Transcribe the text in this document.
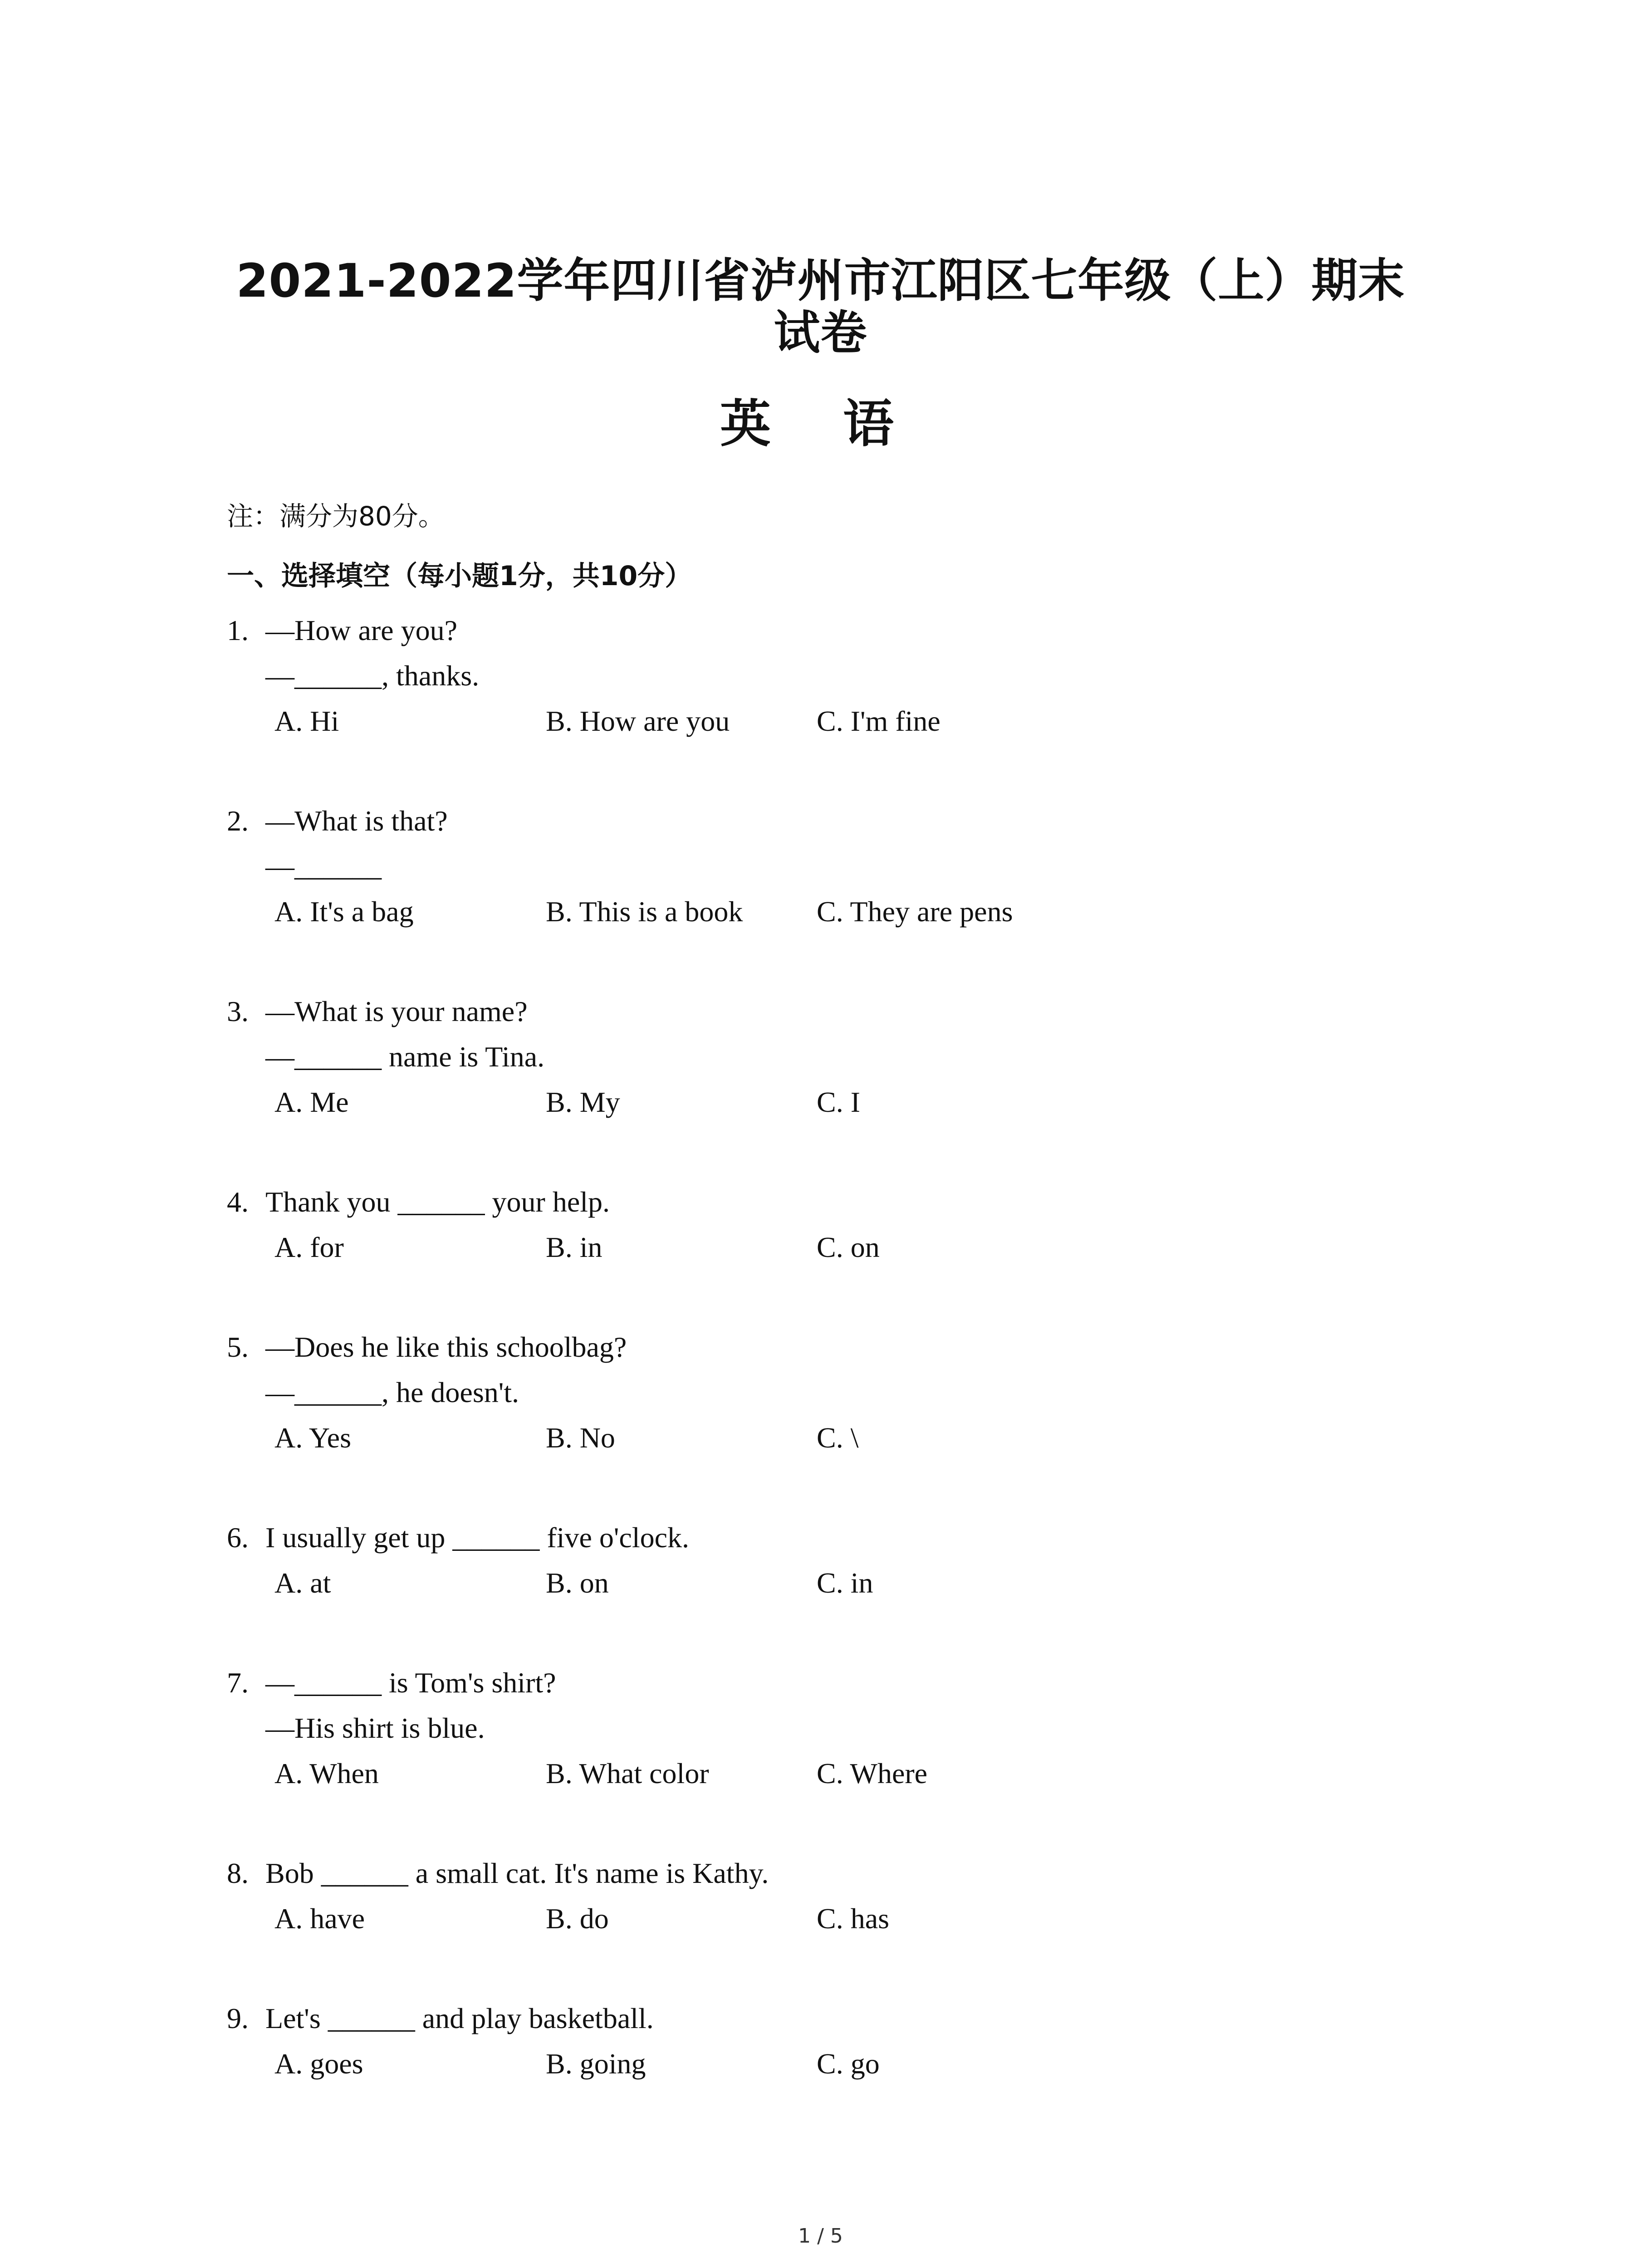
2021-2022学年四川省泸州市江阳区七年级（上）期末
试卷
英 语
注：满分为80分。
一、选择填空（每小题1分，共10分）
1. —How are you?
—______, thanks.
A. Hi	B. How are you	C. I'm fine
2. —What is that?
—______
A. It's a bag	B. This is a book	C. They are pens
3. —What is your name?
—______ name is Tina.
A. Me	B. My	C. I
4. Thank you ______ your help.
A. for	B. in	C. on
5. —Does he like this schoolbag?
—______, he doesn't.
A. Yes	B. No	C. \
6. I usually get up ______ five o'clock.
A. at	B. on	C. in
7. —______ is Tom's shirt?
—His shirt is blue.
A. When	B. What color	C. Where
8. Bob ______ a small cat. It's name is Kathy.
A. have	B. do	C. has
9. Let's ______ and play basketball.
A. goes	B. going	C. go
1 / 5
